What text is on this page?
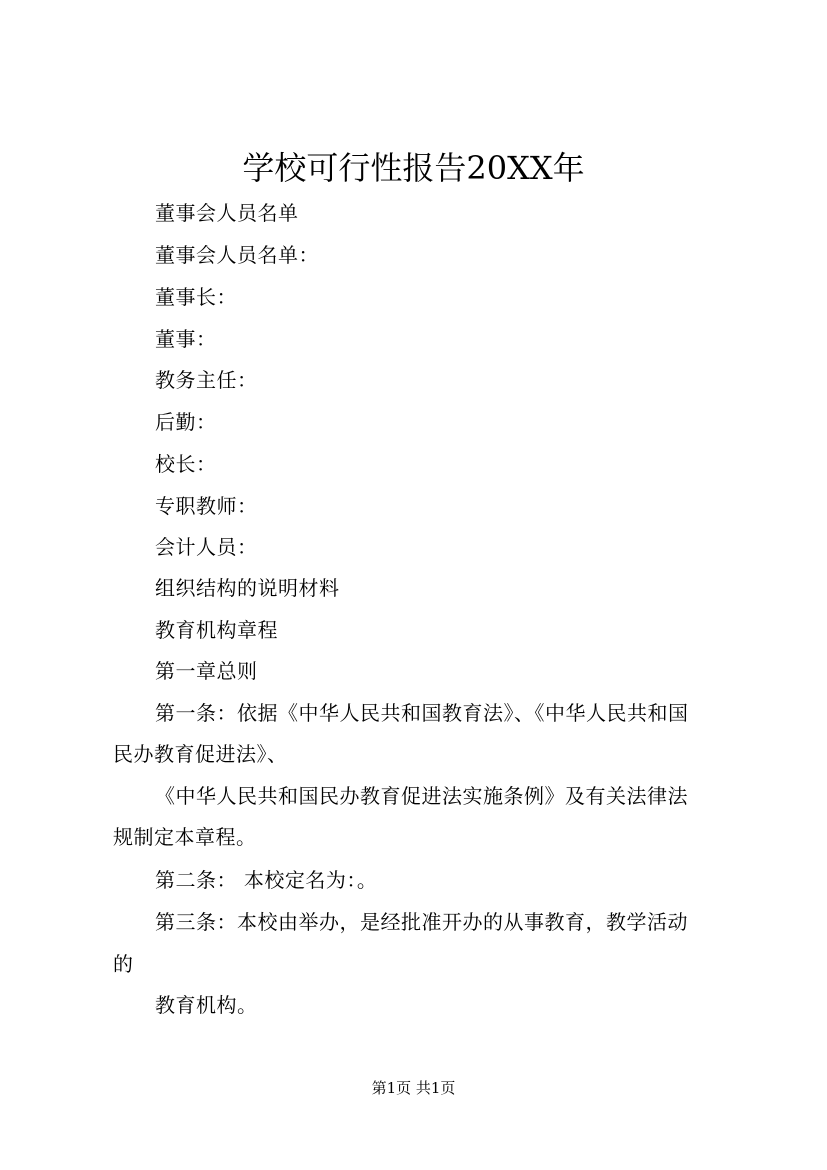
学校可行性报告20XX年
董事会人员名单
董事会人员名单：
董事长：
董事：
教务主任：
后勤：
校长：
专职教师：
会计人员：
组织结构的说明材料
教育机构章程
第一章总则
第一条：依据《中华人民共和国教育法》、《中华人民共和国
民办教育促进法》、
《中华人民共和国民办教育促进法实施条例》及有关法律法
规制定本章程。
第二条： 本校定名为：。
第三条：本校由举办，是经批准开办的从事教育，教学活动
的
教育机构。
第1页 共1页
